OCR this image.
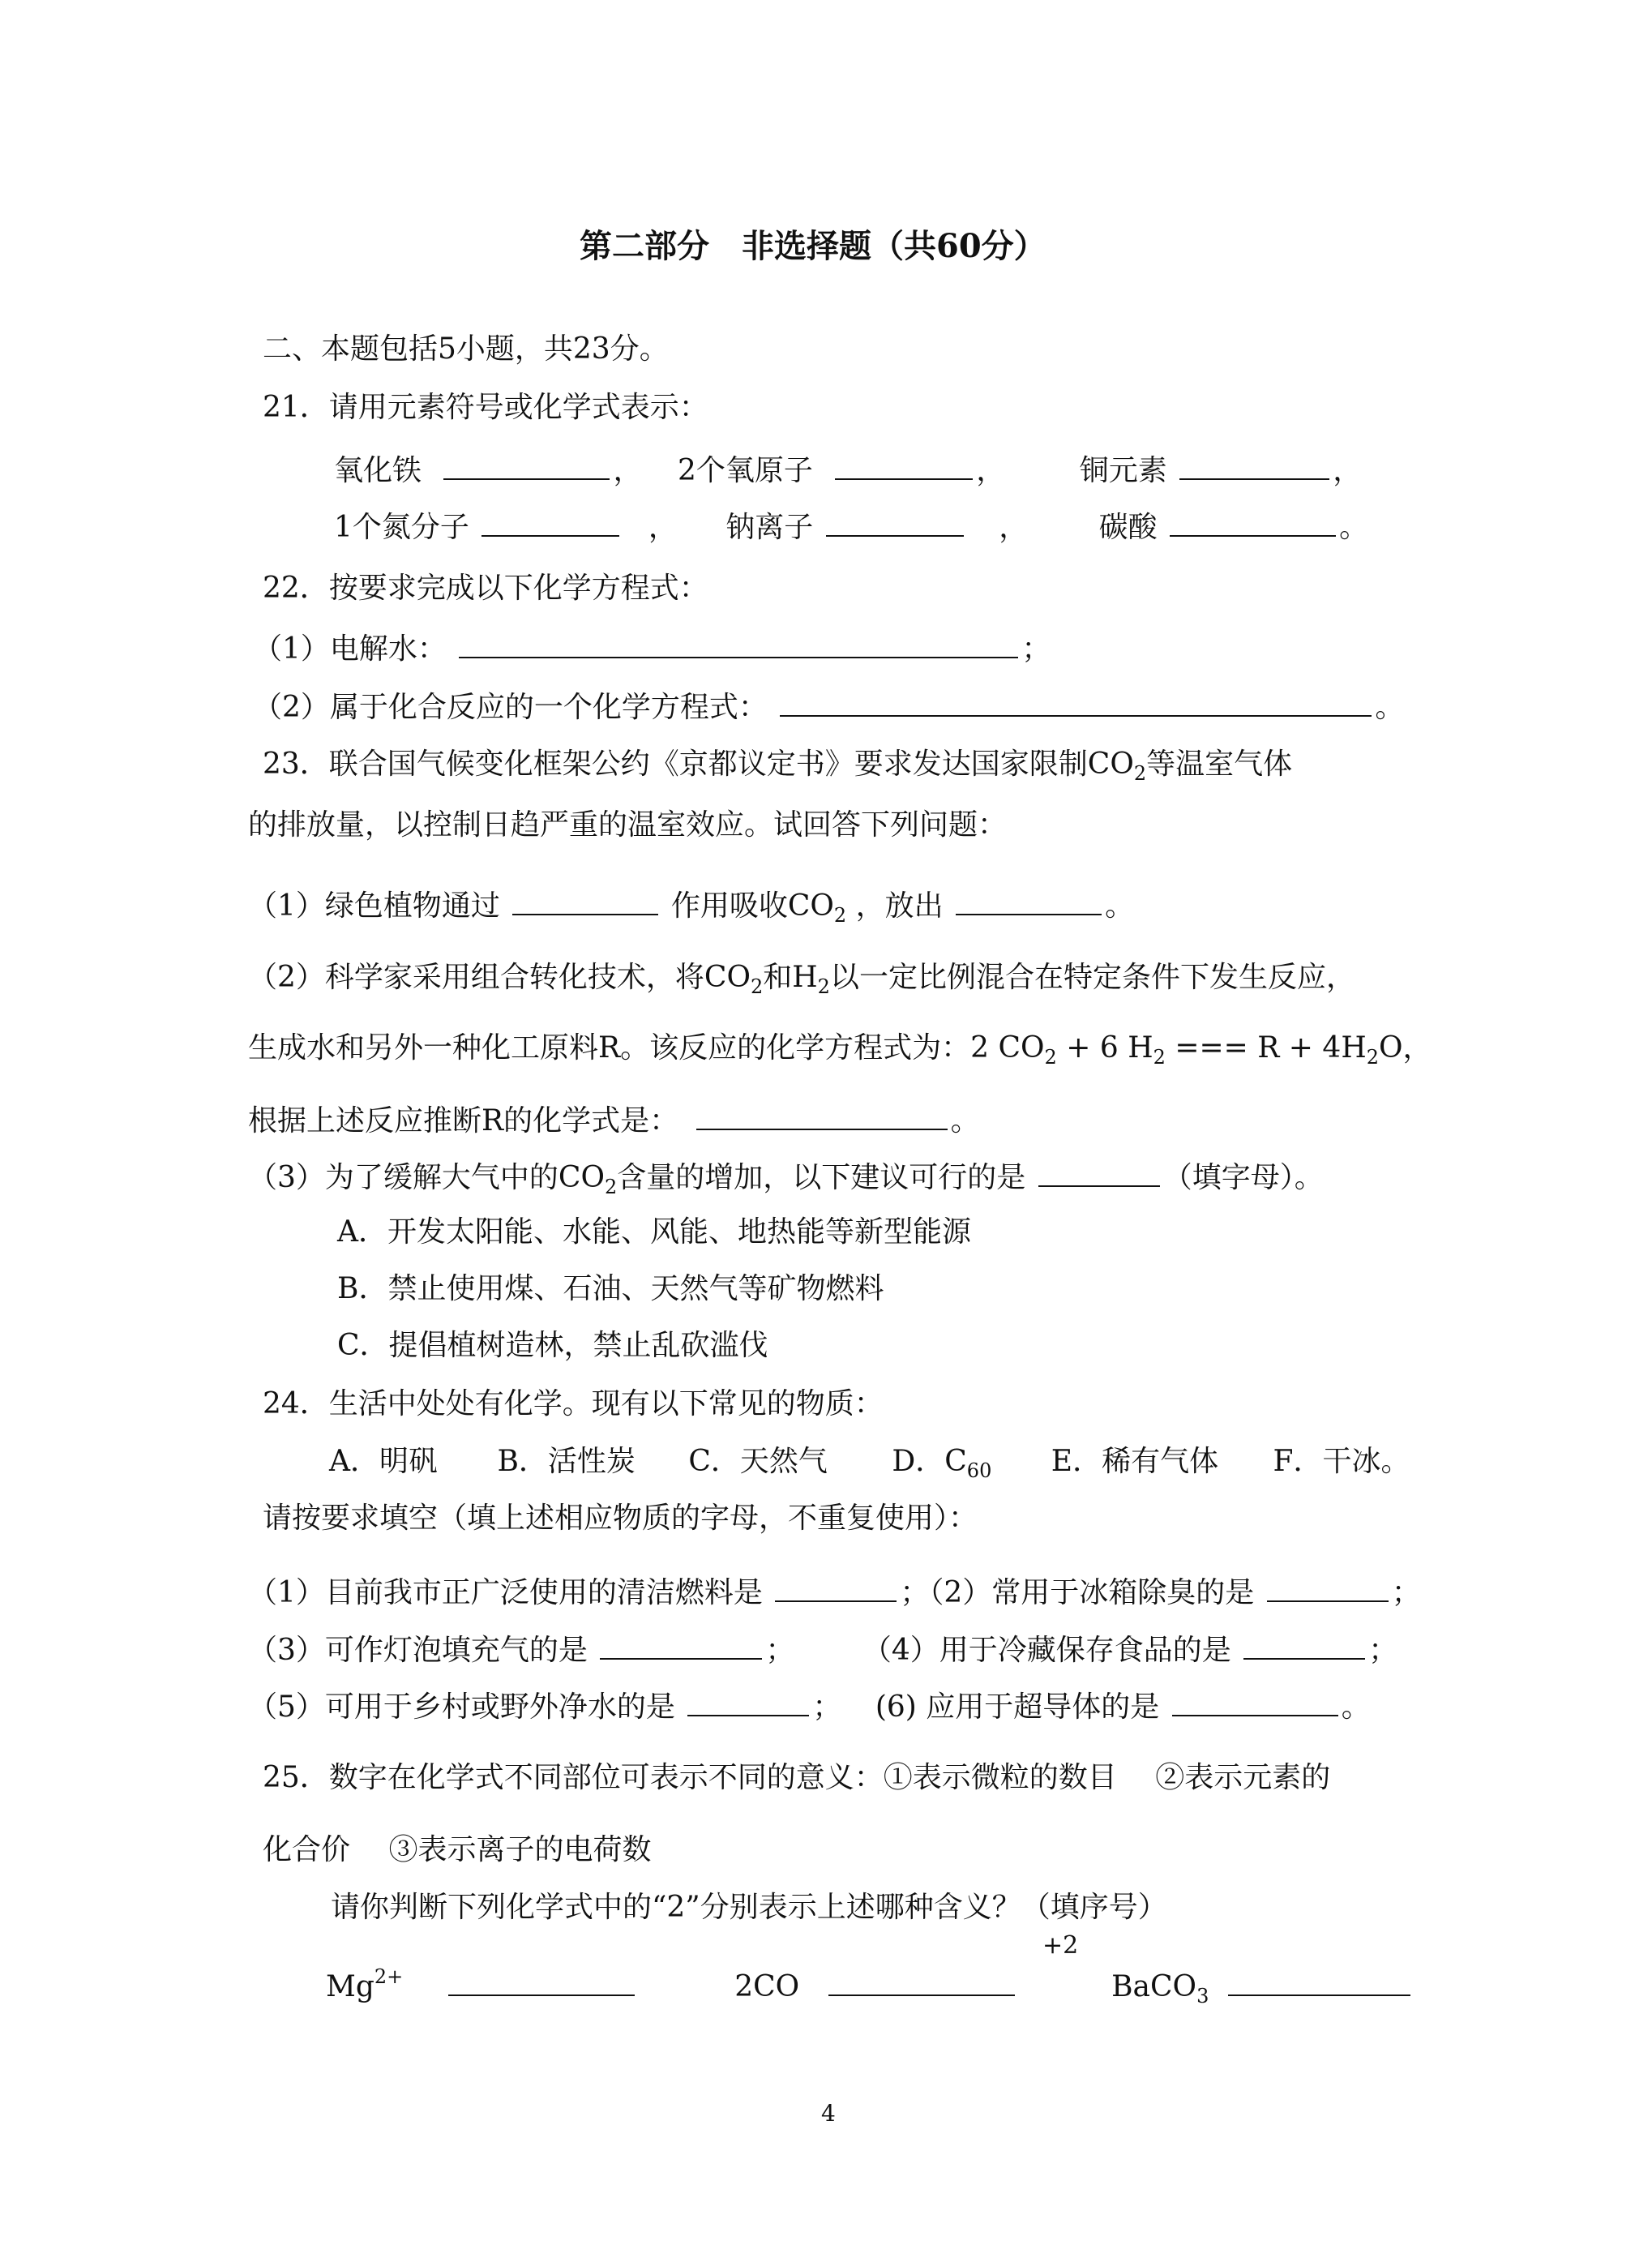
第二部分　非选择题（共60分）
二、本题包括5小题，共23分。
21．请用元素符号或化学式表示：
氧化铁	， 2个氧原子	，	铜元素	，
1个氮分子	， 钠离子	， 碳酸	。
22．按要求完成以下化学方程式：
（1）电解水：	；
（2）属于化合反应的一个化学方程式：	。
23．联合国气候变化框架公约《京都议定书》要求发达国家限制$CO_2$等温室气体
的排放量，以控制日趋严重的温室效应。试回答下列问题：
（1）绿色植物通过	作用吸收$CO_2$ ，放出	。
（2）科学家采用组合转化技术，将$CO_2$和$H_2$以一定比例混合在特定条件下发生反应，
生成水和另外一种化工原料R。该反应的化学方程式为：2 $CO_2 + 6$ $H_2$ === $R + 4H_2O$，
根据上述反应推断R的化学式是：	。
（3）为了缓解大气中的$CO_2$含量的增加，以下建议可行的是	（填字母）。
A．开发太阳能、水能、风能、地热能等新型能源
B．禁止使用煤、石油、天然气等矿物燃料
C．提倡植树造林，禁止乱砍滥伐
24．生活中处处有化学。现有以下常见的物质：
A．明矾 B．活性炭 C．天然气 D．$C_{60}$ E．稀有气体 F．干冰。
请按要求填空（填上述相应物质的字母，不重复使用）：
（1）目前我市正广泛使用的清洁燃料是	；（2）常用于冰箱除臭的是	；
（3）可作灯泡填充气的是	； （4）用于冷藏保存食品的是	；
（5）可用于乡村或野外净水的是	； (6) 应用于超导体的是	。
25．数字在化学式不同部位可表示不同的意义：①表示微粒的数目　 ②表示元素的
化合价　 ③表示离子的电荷数
请你判断下列化学式中的“2”分别表示上述哪种含义？（填序号）
+2
$Mg^{2+}$	2CO	BaCO$_3$
4
